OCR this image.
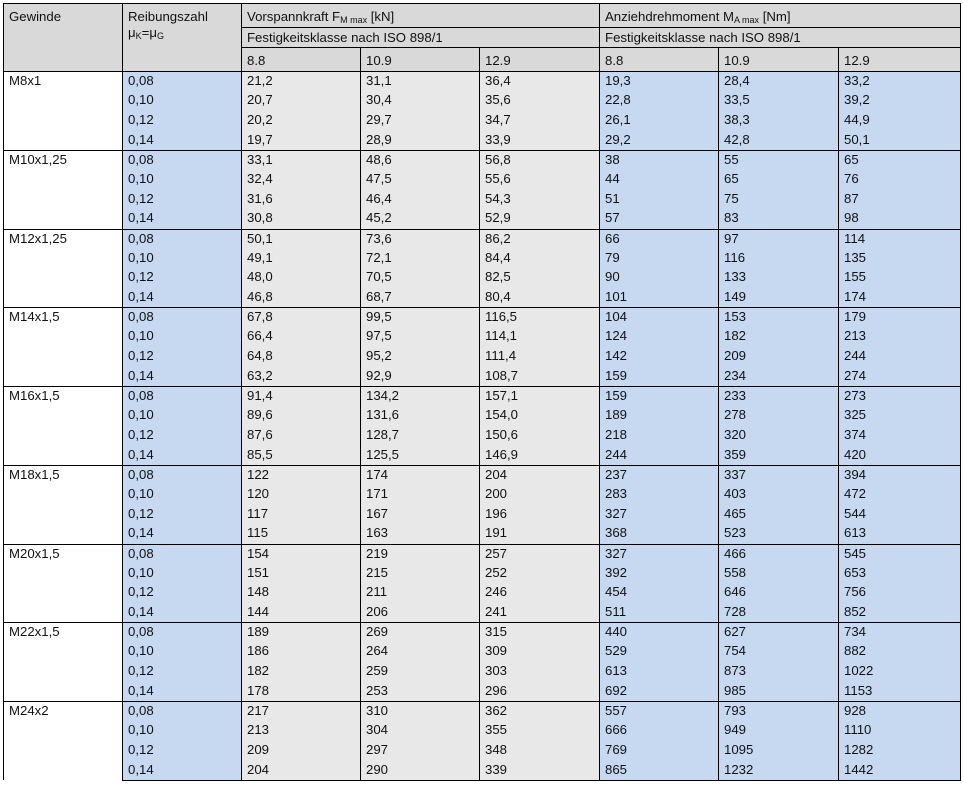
Gewinde	Reibungszahl
$\mu_K=\mu_G$	Vorspannkraft $F_{M max}$ [kN]			Anziehdrehmoment $M_{A max}$ [Nm]		
		Festigkeitsklasse nach ISO 898/1			Festigkeitsklasse nach ISO 898/1		
		8.8	10.9	12.9	8.8	10.9	12.9
M8x1	0,08	21,2	31,1	36,4	19,3	28,4	33,2
	0,10	20,7	30,4	35,6	22,8	33,5	39,2
	0,12	20,2	29,7	34,7	26,1	38,3	44,9
	0,14	19,7	28,9	33,9	29,2	42,8	50,1
M10x1,25	0,08	33,1	48,6	56,8	38	55	65
	0,10	32,4	47,5	55,6	44	65	76
	0,12	31,6	46,4	54,3	51	75	87
	0,14	30,8	45,2	52,9	57	83	98
M12x1,25	0,08	50,1	73,6	86,2	66	97	114
	0,10	49,1	72,1	84,4	79	116	135
	0,12	48,0	70,5	82,5	90	133	155
	0,14	46,8	68,7	80,4	101	149	174
M14x1,5	0,08	67,8	99,5	116,5	104	153	179
	0,10	66,4	97,5	114,1	124	182	213
	0,12	64,8	95,2	111,4	142	209	244
	0,14	63,2	92,9	108,7	159	234	274
M16x1,5	0,08	91,4	134,2	157,1	159	233	273
	0,10	89,6	131,6	154,0	189	278	325
	0,12	87,6	128,7	150,6	218	320	374
	0,14	85,5	125,5	146,9	244	359	420
M18x1,5	0,08	122	174	204	237	337	394
	0,10	120	171	200	283	403	472
	0,12	117	167	196	327	465	544
	0,14	115	163	191	368	523	613
M20x1,5	0,08	154	219	257	327	466	545
	0,10	151	215	252	392	558	653
	0,12	148	211	246	454	646	756
	0,14	144	206	241	511	728	852
M22x1,5	0,08	189	269	315	440	627	734
	0,10	186	264	309	529	754	882
	0,12	182	259	303	613	873	1022
	0,14	178	253	296	692	985	1153
M24x2	0,08	217	310	362	557	793	928
	0,10	213	304	355	666	949	1110
	0,12	209	297	348	769	1095	1282
	0,14	204	290	339	865	1232	1442
